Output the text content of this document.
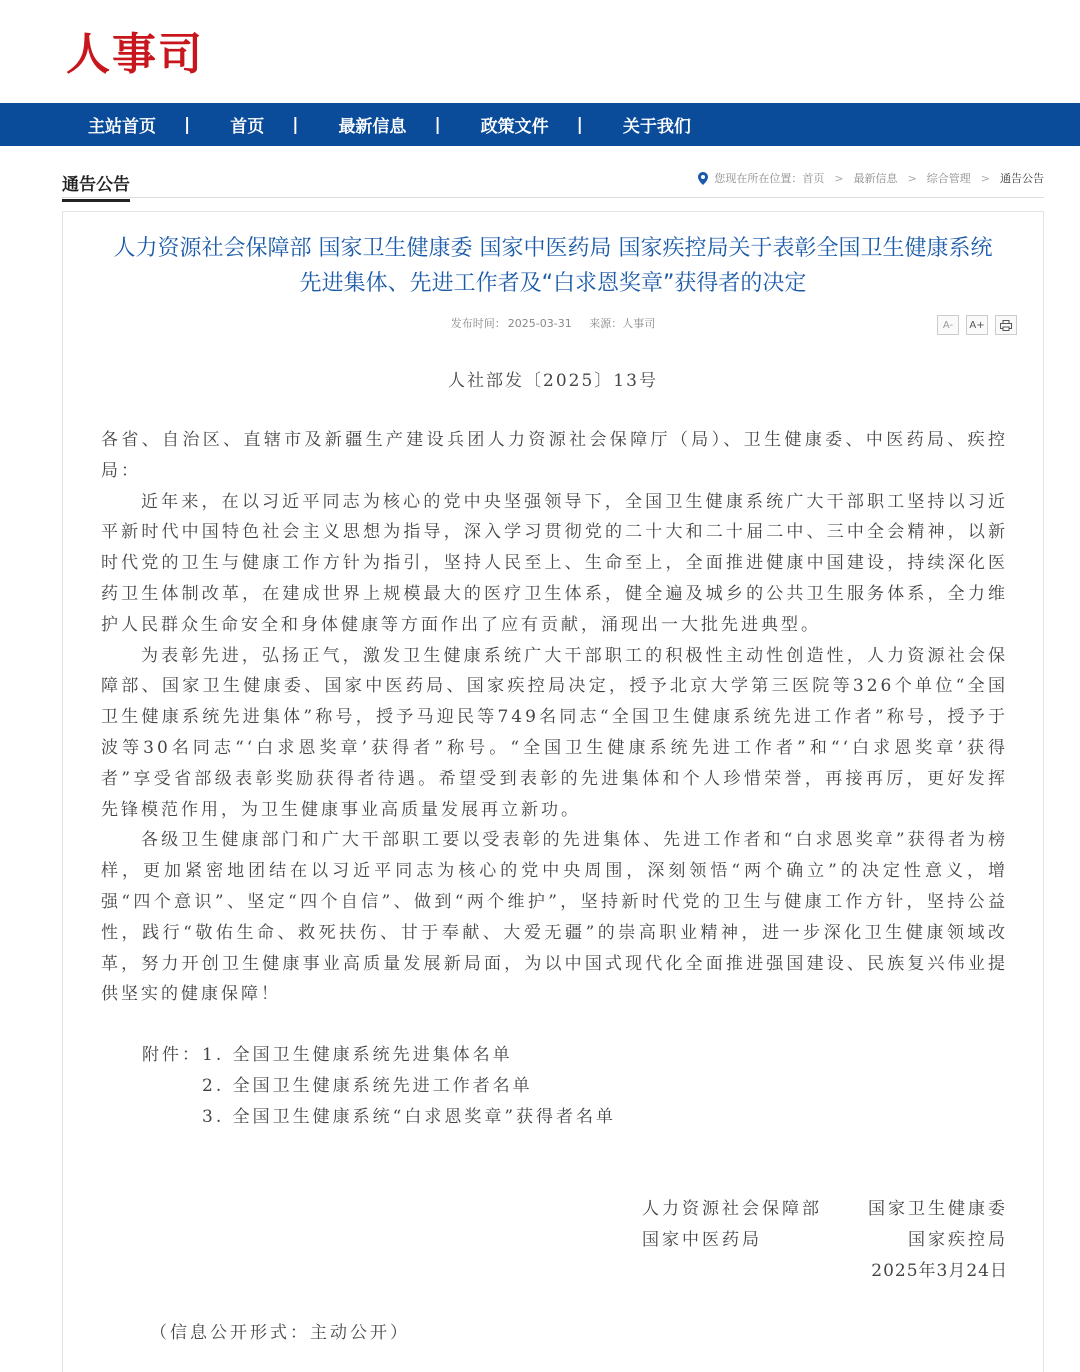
人事司
主站首页 | 首页 | 最新信息 | 政策文件 | 关于我们
通告公告	您现在所在位置： 首页 > 最新信息 > 综合管理 > 通告公告
人力资源社会保障部 国家卫生健康委 国家中医药局 国家疾控局关于表彰全国卫生健康系统
先进集体、先进工作者及“白求恩奖章”获得者的决定
发布时间： 2025-03-31 来源：人事司	A-	A+
人社部发〔2025〕13号

各省、自治区、直辖市及新疆生产建设兵团人力资源社会保障厅（局）、卫生健康委、中医药局、疾控局：

近年来，在以习近平同志为核心的党中央坚强领导下，全国卫生健康系统广大干部职工坚持以习近平新时代中国特色社会主义思想为指导，深入学习贯彻党的二十大和二十届二中、三中全会精神，以新时代党的卫生与健康工作方针为指引，坚持人民至上、生命至上，全面推进健康中国建设，持续深化医药卫生体制改革，在建成世界上规模最大的医疗卫生体系，健全遍及城乡的公共卫生服务体系，全力维护人民群众生命安全和身体健康等方面作出了应有贡献，涌现出一大批先进典型。

为表彰先进，弘扬正气，激发卫生健康系统广大干部职工的积极性主动性创造性，人力资源社会保障部、国家卫生健康委、国家中医药局、国家疾控局决定，授予北京大学第三医院等326个单位“全国卫生健康系统先进集体”称号，授予马迎民等749名同志“全国卫生健康系统先进工作者”称号，授予于波等30名同志“‘白求恩奖章’获得者”称号。“全国卫生健康系统先进工作者”和“‘白求恩奖章’获得者”享受省部级表彰奖励获得者待遇。希望受到表彰的先进集体和个人珍惜荣誉，再接再厉，更好发挥先锋模范作用，为卫生健康事业高质量发展再立新功。

各级卫生健康部门和广大干部职工要以受表彰的先进集体、先进工作者和“白求恩奖章”获得者为榜样，更加紧密地团结在以习近平同志为核心的党中央周围，深刻领悟“两个确立”的决定性意义，增强“四个意识”、坚定“四个自信”、做到“两个维护”，坚持新时代党的卫生与健康工作方针，坚持公益性，践行“敬佑生命、救死扶伤、甘于奉献、大爱无疆”的崇高职业精神，进一步深化卫生健康领域改革，努力开创卫生健康事业高质量发展新局面，为以中国式现代化全面推进强国建设、民族复兴伟业提供坚实的健康保障！

附件： 1. 全国卫生健康系统先进集体名单
2. 全国卫生健康系统先进工作者名单
3. 全国卫生健康系统“白求恩奖章”获得者名单
人力资源社会保障部	国家卫生健康委
国家中医药局	国家疾控局
2025年3月24日
（信息公开形式：主动公开）
